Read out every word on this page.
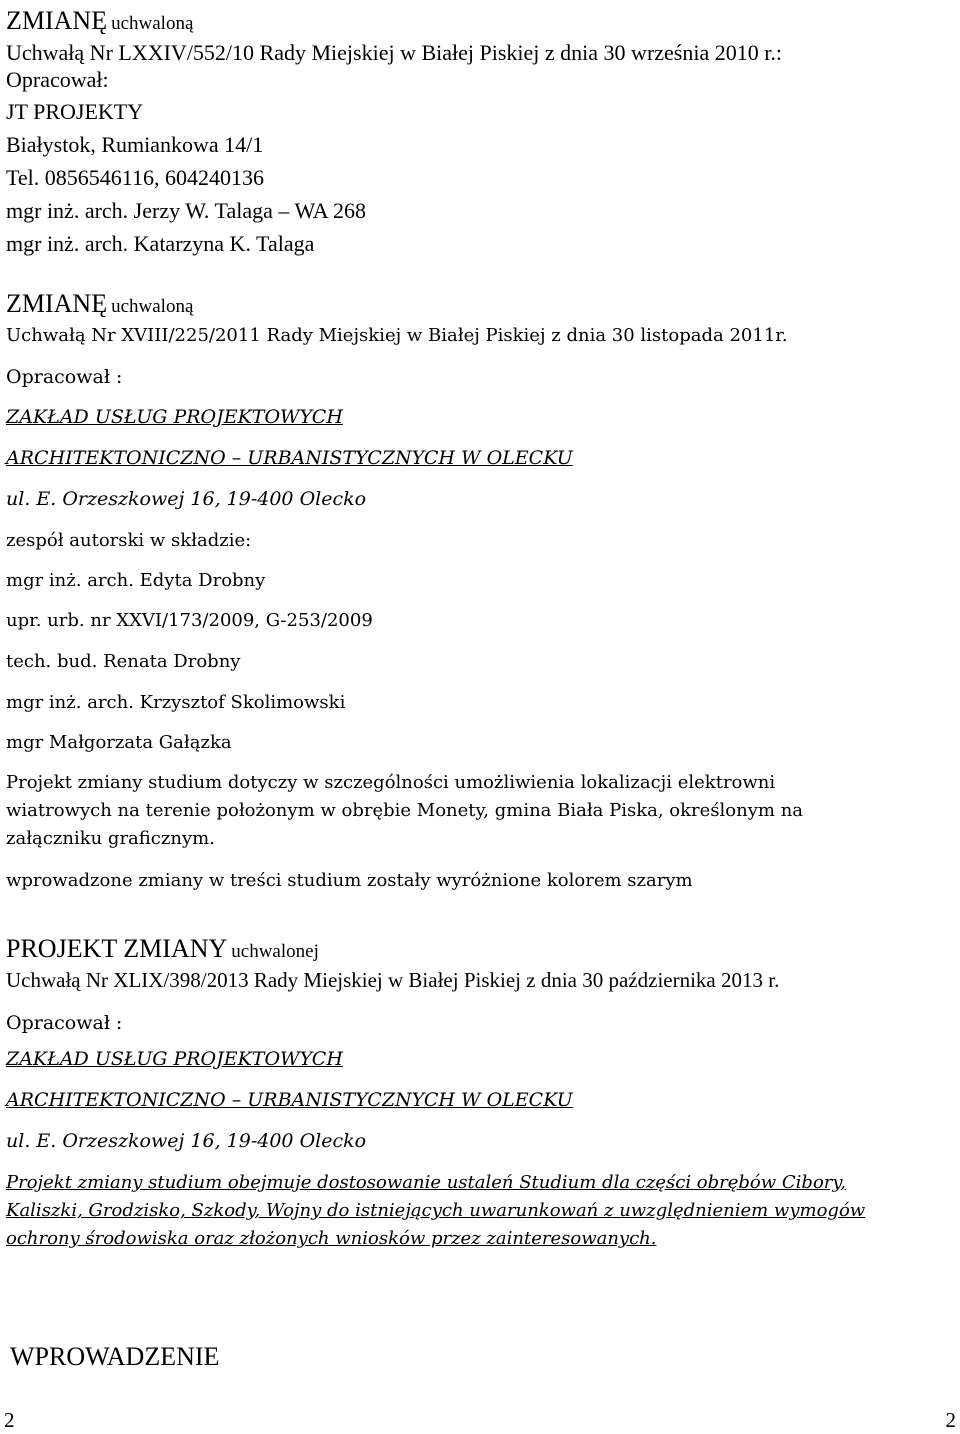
ZMIANĘ uchwaloną
Uchwałą Nr LXXIV/552/10 Rady Miejskiej w Białej Piskiej z dnia 30 września 2010 r.:
Opracował:
JT PROJEKTY
Białystok, Rumiankowa 14/1
Tel. 0856546116, 604240136
mgr inż. arch. Jerzy W. Talaga – WA 268
mgr inż. arch. Katarzyna K. Talaga
ZMIANĘ uchwaloną
Uchwałą Nr XVIII/225/2011 Rady Miejskiej w Białej Piskiej z dnia 30 listopada 2011r.
Opracował :
ZAKŁAD USŁUG PROJEKTOWYCH
ARCHITEKTONICZNO – URBANISTYCZNYCH W OLECKU
ul. E. Orzeszkowej 16, 19-400 Olecko
zespół autorski w składzie:
mgr inż. arch. Edyta Drobny
upr. urb. nr XXVI/173/2009, G-253/2009
tech. bud. Renata Drobny
mgr inż. arch. Krzysztof Skolimowski
mgr Małgorzata Gałązka
Projekt zmiany studium dotyczy w szczególności umożliwienia lokalizacji elektrowni
wiatrowych na terenie położonym w obrębie Monety, gmina Biała Piska, określonym na
załączniku graficznym.
wprowadzone zmiany w treści studium zostały wyróżnione kolorem szarym
PROJEKT ZMIANY uchwalonej
Uchwałą Nr XLIX/398/2013 Rady Miejskiej w Białej Piskiej z dnia 30 października 2013 r.
Opracował :
ZAKŁAD USŁUG PROJEKTOWYCH
ARCHITEKTONICZNO – URBANISTYCZNYCH W OLECKU
ul. E. Orzeszkowej 16, 19-400 Olecko
Projekt zmiany studium obejmuje dostosowanie ustaleń Studium dla części obrębów Cibory,
Kaliszki, Grodzisko, Szkody, Wojny do istniejących uwarunkowań z uwzględnieniem wymogów
ochrony środowiska oraz złożonych wniosków przez zainteresowanych.
WPROWADZENIE
2	2
